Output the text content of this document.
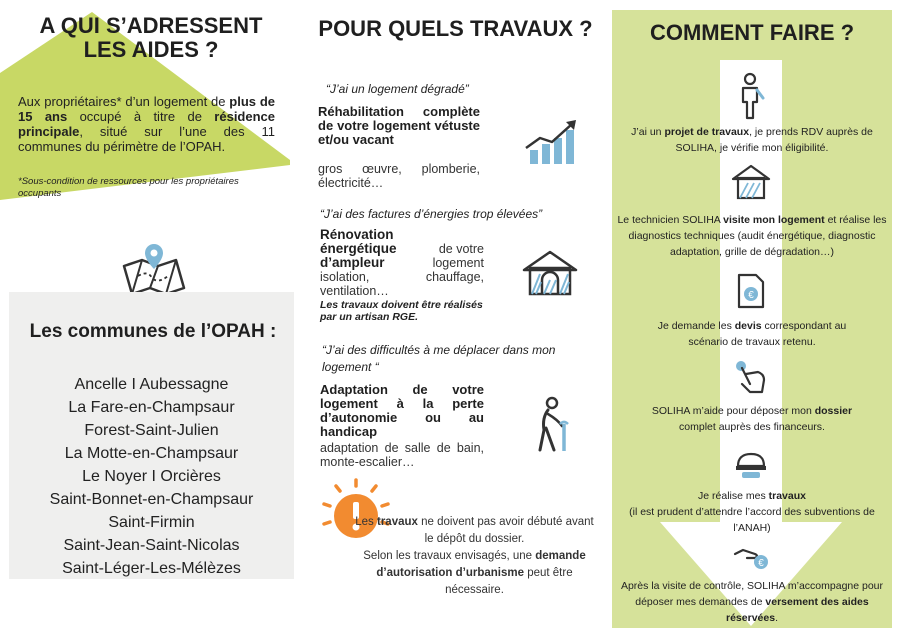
A QUI S’ADRESSENT
LES AIDES ?
Aux propriétaires* d’un logement de plus de 15 ans occupé à titre de résidence principale, situé sur l’une des 11 communes du périmètre de l’OPAH.
*Sous-condition de ressources pour les propriétaires occupants
Les communes de l’OPAH :
Ancelle I Aubessagne
La Fare-en-Champsaur
Forest-Saint-Julien
La Motte-en-Champsaur
Le Noyer I Orcières
Saint-Bonnet-en-Champsaur
Saint-Firmin
Saint-Jean-Saint-Nicolas
Saint-Léger-Les-Mélèzes
POUR QUELS TRAVAUX ?
“J’ai un logement dégradé”
Réhabilitation complète de votre logement vétuste et/ou vacant
gros œuvre, plomberie, électricité…
“J’ai des factures d’énergies trop élevées”
Rénovation énergétique d’ampleur
de votre logement
isolation, chauffage, ventilation…
Les travaux doivent être réalisés par un artisan RGE.
“J’ai des difficultés à me déplacer dans mon logement “
Adaptation de votre logement à la perte d’autonomie ou au handicap
adaptation de salle de bain, monte-escalier…
Les travaux ne doivent pas avoir débuté avant le dépôt du dossier.
Selon les travaux envisagés, une demande d’autorisation d’urbanisme peut être nécessaire.
COMMENT FAIRE ?
€
€
J’ai un projet de travaux, je prends RDV auprès de SOLIHA, je vérifie mon éligibilité.
Le technicien SOLIHA visite mon logement et réalise les diagnostics techniques (audit énergétique, diagnostic adaptation, grille de dégradation…)
Je demande les devis correspondant au scénario de travaux retenu.
SOLIHA m’aide pour déposer mon dossier complet auprès des financeurs.
Je réalise mes travaux
(il est prudent d’attendre l’accord des subventions de l’ANAH)
Après la visite de contrôle, SOLIHA m’accompagne pour déposer mes demandes de versement des aides réservées.
